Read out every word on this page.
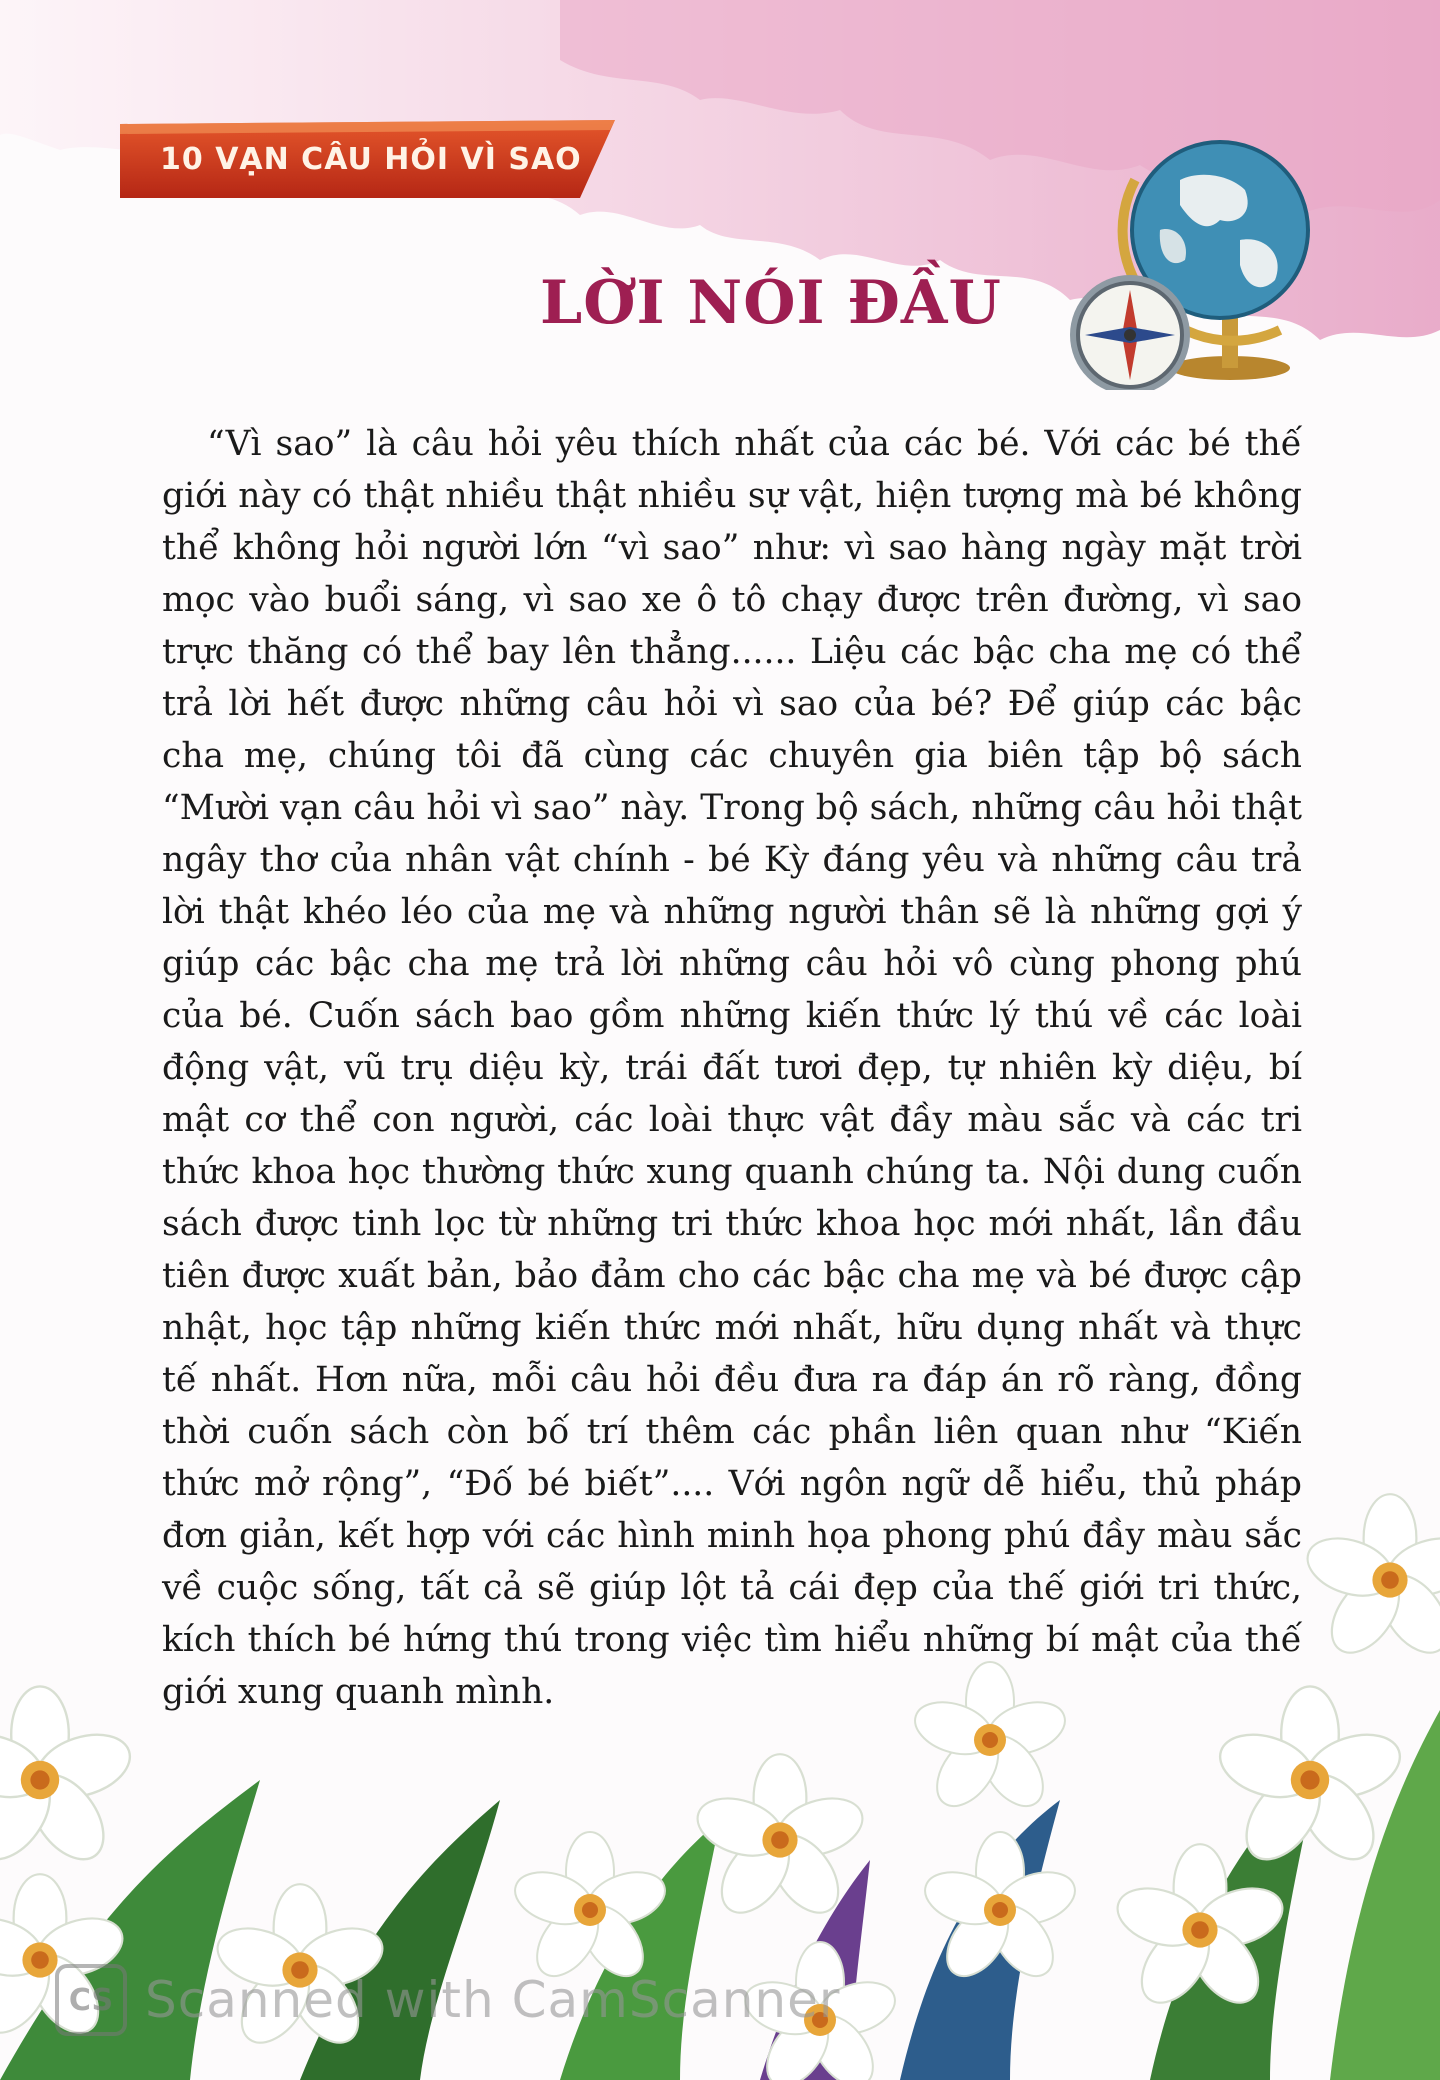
10 VẠN CÂU HỎI VÌ SAO
LỜI NÓI ĐẦU

“Vì sao” là câu hỏi yêu thích nhất của các bé. Với các bé thế giới này có thật nhiều thật nhiều sự vật, hiện tượng mà bé không thể không hỏi người lớn “vì sao” như: vì sao hàng ngày mặt trời mọc vào buổi sáng, vì sao xe ô tô chạy được trên đường, vì sao trực thăng có thể bay lên thẳng...... Liệu các bậc cha mẹ có thể trả lời hết được những câu hỏi vì sao của bé? Để giúp các bậc cha mẹ, chúng tôi đã cùng các chuyên gia biên tập bộ sách “Mười vạn câu hỏi vì sao” này. Trong bộ sách, những câu hỏi thật ngây thơ của nhân vật chính - bé Kỳ đáng yêu và những câu trả lời thật khéo léo của mẹ và những người thân sẽ là những gợi ý giúp các bậc cha mẹ trả lời những câu hỏi vô cùng phong phú của bé. Cuốn sách bao gồm những kiến thức lý thú về các loài động vật, vũ trụ diệu kỳ, trái đất tươi đẹp, tự nhiên kỳ diệu, bí mật cơ thể con người, các loài thực vật đầy màu sắc và các tri thức khoa học thường thức xung quanh chúng ta. Nội dung cuốn sách được tinh lọc từ những tri thức khoa học mới nhất, lần đầu tiên được xuất bản, bảo đảm cho các bậc cha mẹ và bé được cập nhật, học tập những kiến thức mới nhất, hữu dụng nhất và thực tế nhất. Hơn nữa, mỗi câu hỏi đều đưa ra đáp án rõ ràng, đồng thời cuốn sách còn bố trí thêm các phần liên quan như “Kiến thức mở rộng”, “Đố bé biết”.... Với ngôn ngữ dễ hiểu, thủ pháp đơn giản, kết hợp với các hình minh họa phong phú đầy màu sắc về cuộc sống, tất cả sẽ giúp lột tả cái đẹp của thế giới tri thức, kích thích bé hứng thú trong việc tìm hiểu những bí mật của thế giới xung quanh mình.

CS Scanned with CamScanner
